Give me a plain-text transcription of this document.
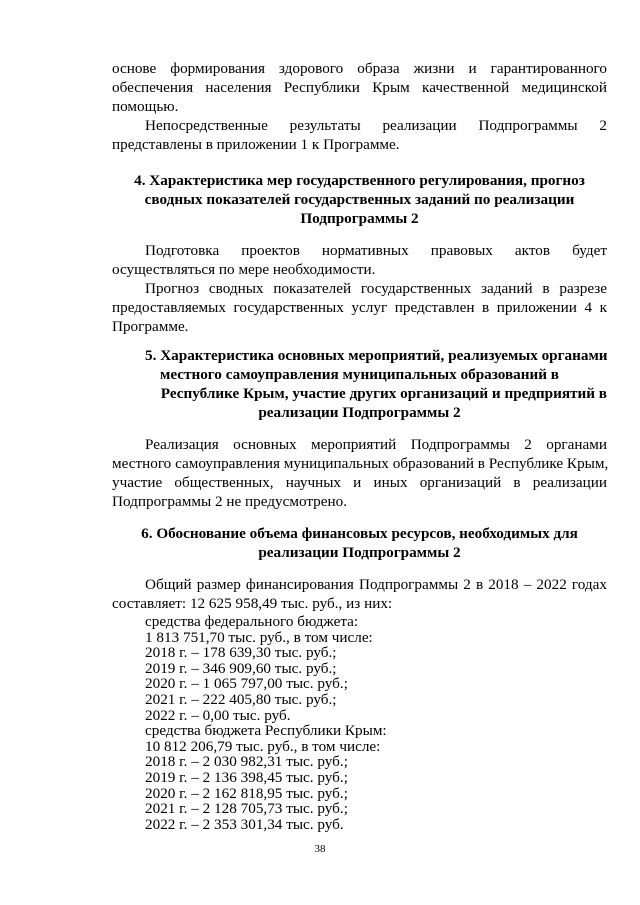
основе формирования здорового образа жизни и гарантированного
обеспечения населения Республики Крым качественной медицинской
помощью.
Непосредственные результаты реализации Подпрограммы 2
представлены в приложении 1 к Программе.
4. Характеристика мер государственного регулирования, прогноз
сводных показателей государственных заданий по реализации
Подпрограммы 2
Подготовка проектов нормативных правовых актов будет
осуществляться по мере необходимости.
Прогноз сводных показателей государственных заданий в разрезе
предоставляемых государственных услуг представлен в приложении 4 к
Программе.
5. Характеристика основных мероприятий, реализуемых органами
местного самоуправления муниципальных образований в
Республике Крым, участие других организаций и предприятий в
реализации Подпрограммы 2
Реализация основных мероприятий Подпрограммы 2 органами
местного самоуправления муниципальных образований в Республике Крым,
участие общественных, научных и иных организаций в реализации
Подпрограммы 2 не предусмотрено.
6. Обоснование объема финансовых ресурсов, необходимых для
реализации Подпрограммы 2
Общий размер финансирования Подпрограммы 2 в 2018 – 2022 годах
составляет: 12 625 958,49 тыс. руб., из них:
средства федерального бюджета:
1 813 751,70 тыс. руб., в том числе:
2018 г. – 178 639,30 тыс. руб.;
2019 г. – 346 909,60 тыс. руб.;
2020 г. – 1 065 797,00 тыс. руб.;
2021 г. – 222 405,80 тыс. руб.;
2022 г. – 0,00 тыс. руб.
средства бюджета Республики Крым:
10 812 206,79 тыс. руб., в том числе:
2018 г. – 2 030 982,31 тыс. руб.;
2019 г. – 2 136 398,45 тыс. руб.;
2020 г. – 2 162 818,95 тыс. руб.;
38
2021 г. – 2 128 705,73 тыс. руб.;
2022 г. – 2 353 301,34 тыс. руб.
